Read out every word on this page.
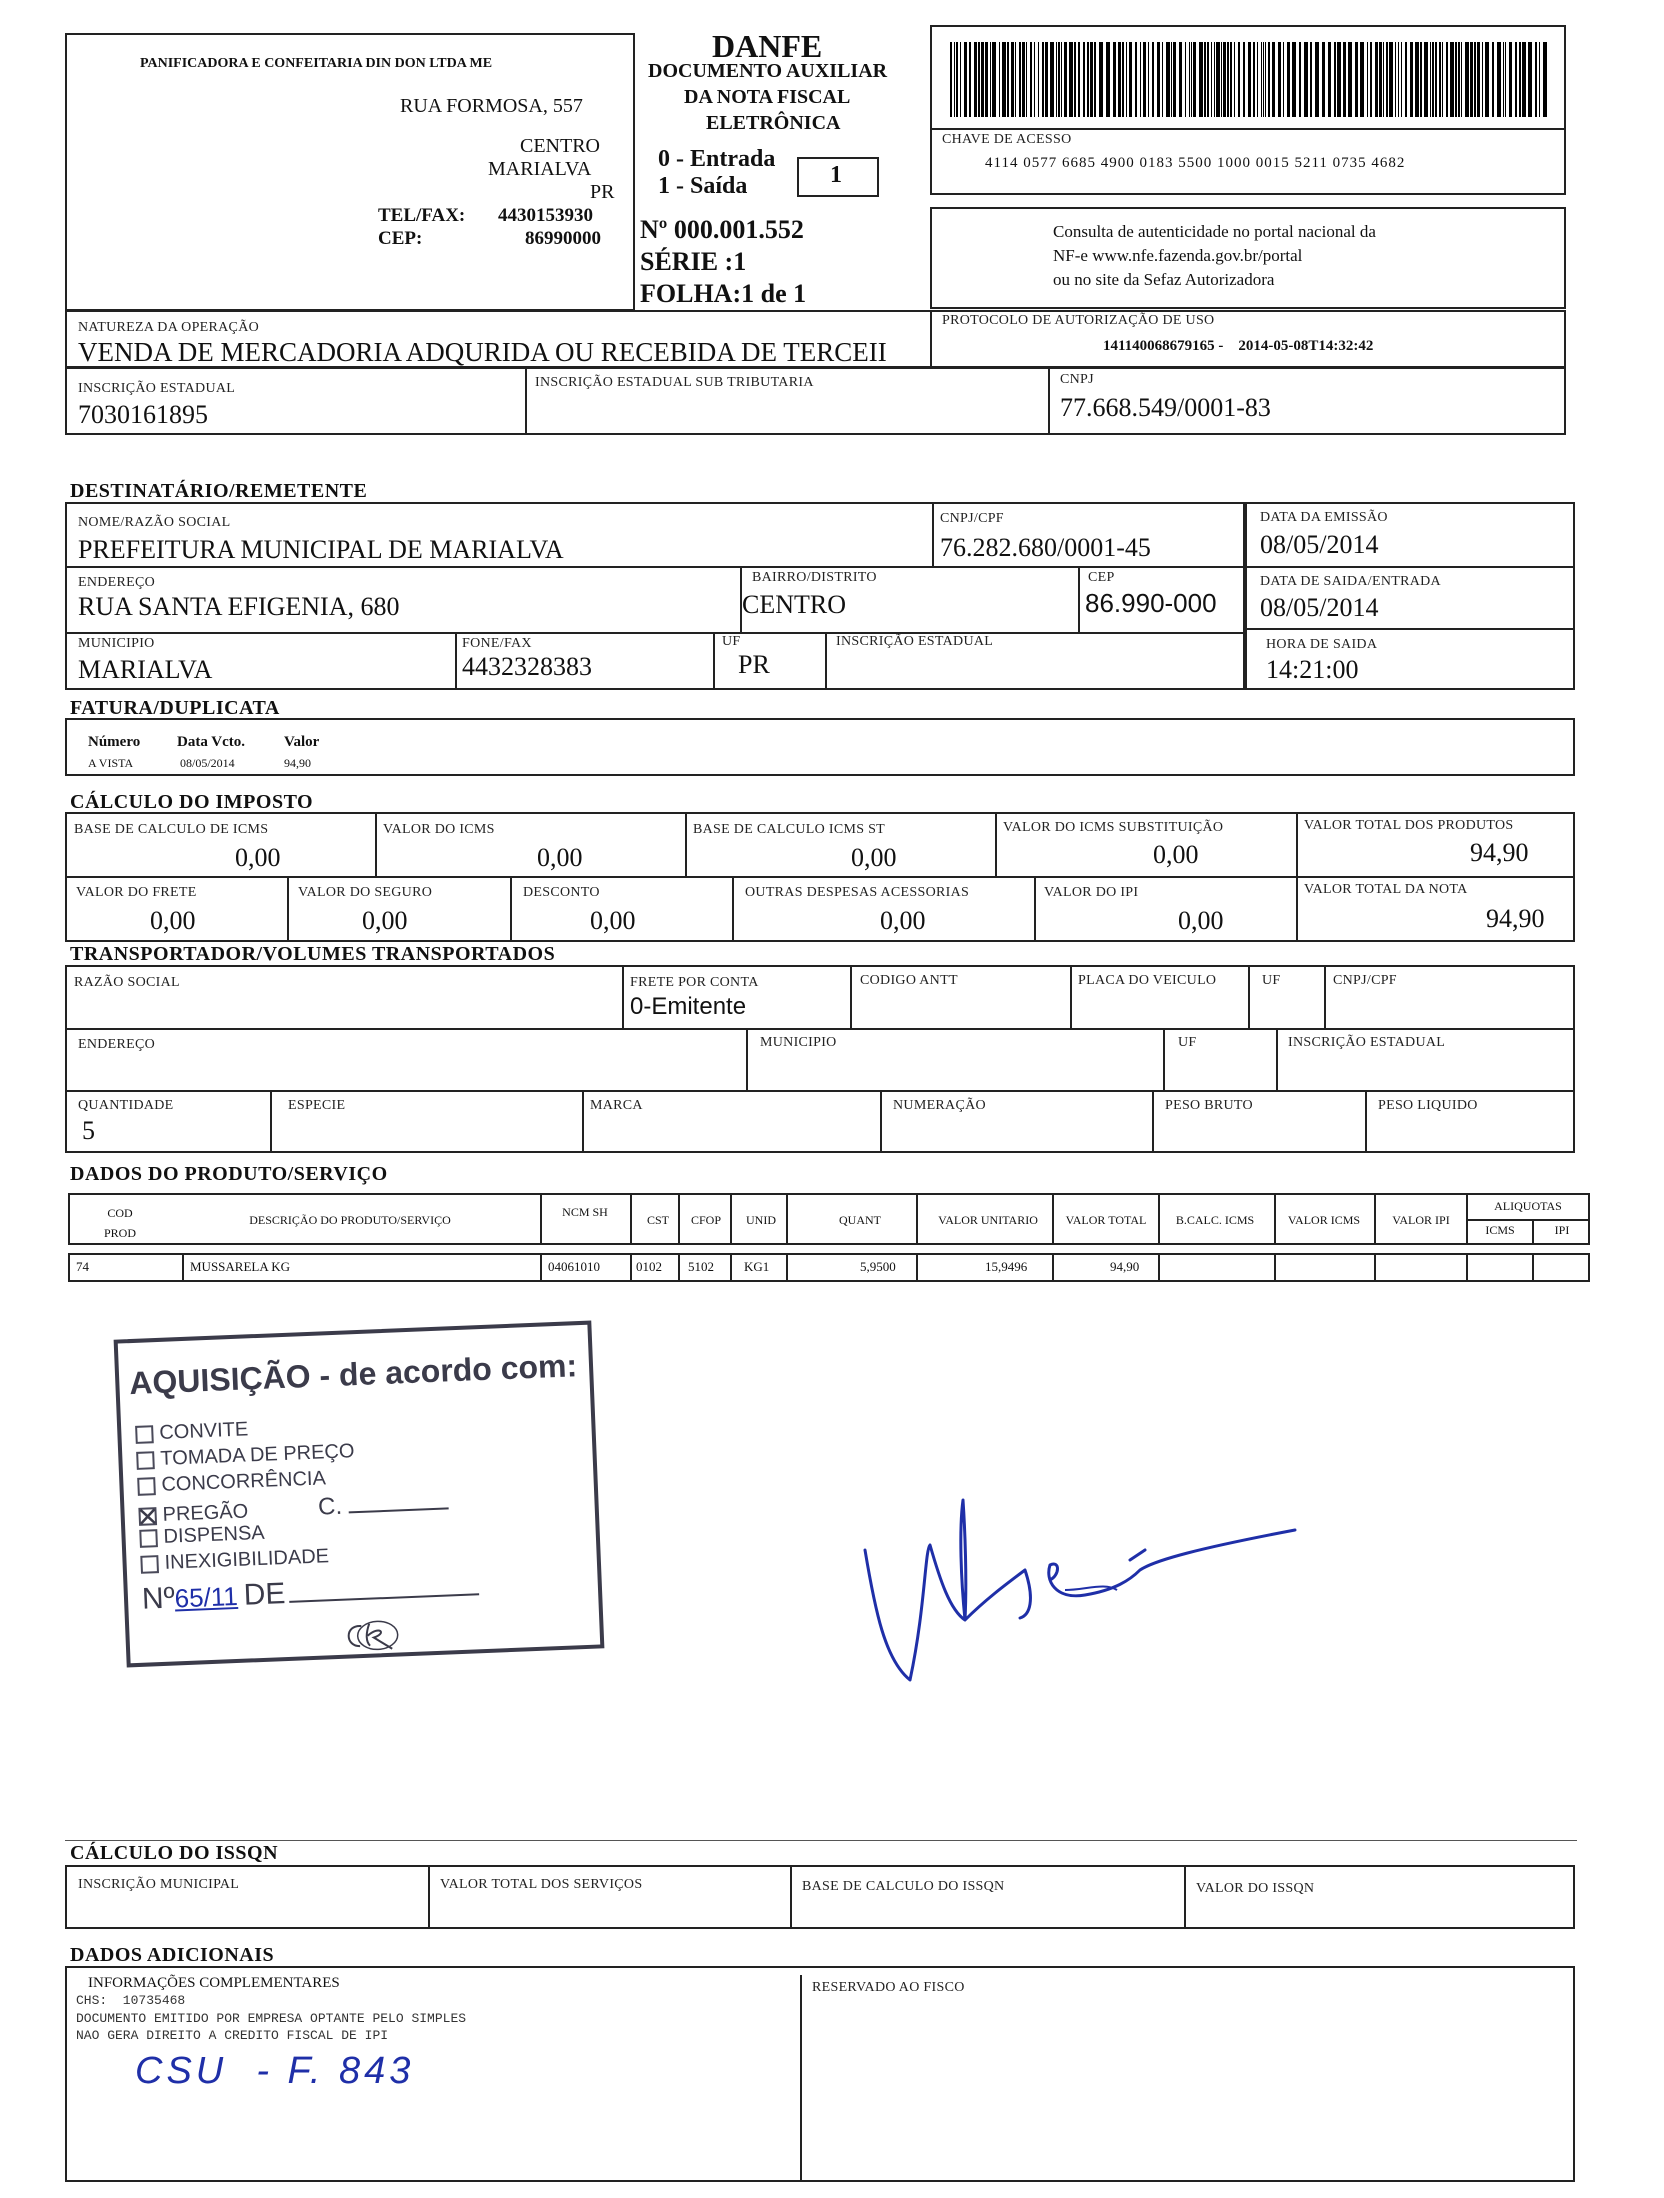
PANIFICADORA E CONFEITARIA DIN DON LTDA ME
RUA FORMOSA, 557
CENTRO
MARIALVA
PR
TEL/FAX: 4430153930
CEP:	86990000
DANFE
DOCUMENTO AUXILIAR
DA NOTA FISCAL
ELETRÔNICA
0 - Entrada
1 - Saída	1
Nº 000.001.552
SÉRIE :1
FOLHA:1 de 1
CHAVE DE ACESSO
4114 0577 6685 4900 0183 5500 1000 0015 5211 0735 4682
Consulta de autenticidade no portal nacional da
NF-e www.nfe.fazenda.gov.br/portal
ou no site da Sefaz Autorizadora
NATUREZA DA OPERAÇÃO
VENDA DE MERCADORIA ADQURIDA OU RECEBIDA DE TERCEII
PROTOCOLO DE AUTORIZAÇÃO DE USO
141140068679165 -    2014-05-08T14:32:42
INSCRIÇÃO ESTADUAL
7030161895
INSCRIÇÃO ESTADUAL SUB TRIBUTARIA	CNPJ
77.668.549/0001-83
DESTINATÁRIO/REMETENTE
NOME/RAZÃO SOCIAL
PREFEITURA MUNICIPAL DE MARIALVA
CNPJ/CPF
76.282.680/0001-45
ENDEREÇO
RUA SANTA EFIGENIA, 680
BAIRRO/DISTRITO
CENTRO
CEP
86.990-000
MUNICIPIO
MARIALVA
FONE/FAX
4432328383
UF
PR
INSCRIÇÃO ESTADUAL
DATA DA EMISSÃO
08/05/2014
DATA DE SAIDA/ENTRADA
08/05/2014
HORA DE SAIDA
14:21:00
FATURA/DUPLICATA
Número Data Vcto.	Valor
A VISTA	08/05/2014	94,90
CÁLCULO DO IMPOSTO
BASE DE CALCULO DE ICMS
0,00
VALOR DO ICMS
0,00
BASE DE CALCULO ICMS ST
0,00
VALOR DO ICMS SUBSTITUIÇÃO
0,00
VALOR TOTAL DOS PRODUTOS
94,90
VALOR DO FRETE
0,00
VALOR DO SEGURO
0,00
DESCONTO
0,00
OUTRAS DESPESAS ACESSORIAS
0,00
VALOR DO IPI
0,00
VALOR TOTAL DA NOTA
94,90
TRANSPORTADOR/VOLUMES TRANSPORTADOS
RAZÃO SOCIAL	FRETE POR CONTA
0-Emitente
CODIGO ANTT	PLACA DO VEICULO	UF	CNPJ/CPF
ENDEREÇO	MUNICIPIO	UF	INSCRIÇÃO ESTADUAL
QUANTIDADE
5
ESPECIE	MARCA	NUMERAÇÃO	PESO BRUTO	PESO LIQUIDO
DADOS DO PRODUTO/SERVIÇO
COD PROD
DESCRIÇÃO DO PRODUTO/SERVIÇO
NCM SH
CST	CFOP	UNID	QUANT	VALOR UNITARIO	VALOR TOTAL	B.CALC. ICMS	VALOR ICMS	VALOR IPI
ALIQUOTAS
ICMS	IPI
74	MUSSARELA KG	04061010	0102 5102 KG1	5,9500	15,9496	94,90
AQUISIÇÃO - de acordo com:
CONVITE
TOMADA DE PREÇO
CONCORRÊNCIA
PREGÃO	C.
DISPENSA
INEXIGIBILIDADE
Nº65/11 DE
CÁLCULO DO ISSQN
INSCRIÇÃO MUNICIPAL	VALOR TOTAL DOS SERVIÇOS	BASE DE CALCULO DO ISSQN	VALOR DO ISSQN
DADOS ADICIONAIS
INFORMAÇÕES COMPLEMENTARES
CHS:  10735468
DOCUMENTO EMITIDO POR EMPRESA OPTANTE PELO SIMPLES
NAO GERA DIREITO A CREDITO FISCAL DE IPI
CSU  - F. 843
RESERVADO AO FISCO
